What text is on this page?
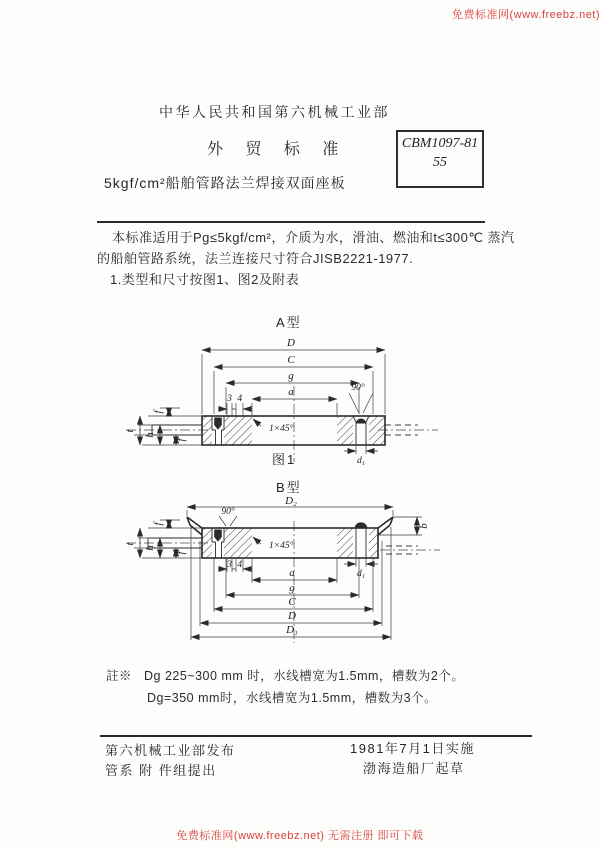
免费标准网(www.freebz.net)
免费标准网(www.freebz.net) 无需注册 即可下载
中华人民共和国第六机械工业部
外 贸 标 准
5kgf/cm²船舶管路法兰焊接双面座板
CBM1097-81
55
本标准适用于Pg≤5kgf/cm²，介质为水，滑油、燃油和t≤300℃ 蒸汽
的船舶管路系统，法兰连接尺寸符合JISB2221-1977.
1.类型和尺寸按图1、图2及附表
A型
D
C
g
a
3 4
90°
1×45°
t
f
h
f
d₁
图1
B型
D₂
90°
b
1×45°
t
f
h
f
d₁
3 4
a
g
C
D
D₁
註※ Dg 225~300 mm 时，水线槽宽为1.5mm，槽数为2个。
Dg=350 mm时，水线槽宽为1.5mm，槽数为3个。
第六机械工业部发布
管系 附 件组提出
1981年7月1日实施
渤海造船厂起草
